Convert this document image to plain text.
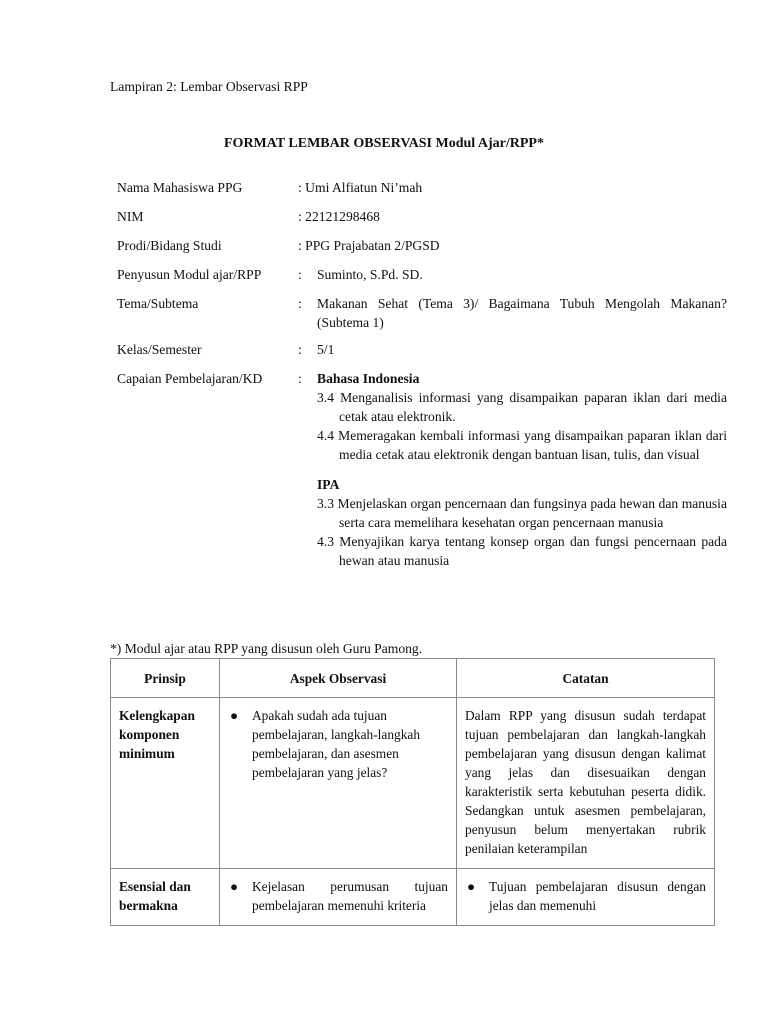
Lampiran 2: Lembar Observasi RPP
FORMAT LEMBAR OBSERVASI Modul Ajar/RPP*
Nama Mahasiswa PPG	: Umi Alfiatun Ni’mah
NIM	: 22121298468
Prodi/Bidang Studi	: PPG Prajabatan 2/PGSD
Penyusun Modul ajar/RPP	:	Suminto, S.Pd. SD.
Tema/Subtema	:	Makanan Sehat (Tema 3)/ Bagaimana Tubuh Mengolah Makanan? (Subtema 1)
Kelas/Semester	:	5/1
Capaian Pembelajaran/KD	:	Bahasa Indonesia
3.4 Menganalisis informasi yang disampaikan paparan iklan dari media cetak atau elektronik.
4.4 Memeragakan kembali informasi yang disampaikan paparan iklan dari media cetak atau elektronik dengan bantuan lisan, tulis, dan visual
IPA
3.3 Menjelaskan organ pencernaan dan fungsinya pada hewan dan manusia serta cara memelihara kesehatan organ pencernaan manusia
4.3 Menyajikan karya tentang konsep organ dan fungsi pencernaan pada hewan atau manusia
*) Modul ajar atau RPP yang disusun oleh Guru Pamong.
Prinsip	Aspek Observasi	Catatan
Kelengkapan komponen minimum	● Apakah sudah ada tujuan pembelajaran, langkah-langkah pembelajaran, dan asesmen pembelajaran yang jelas?	Dalam RPP yang disusun sudah terdapat tujuan pembelajaran dan langkah-langkah pembelajaran yang disusun dengan kalimat yang jelas dan disesuaikan dengan karakteristik serta kebutuhan peserta didik. Sedangkan untuk asesmen pembelajaran, penyusun belum menyertakan rubrik penilaian keterampilan
Esensial dan bermakna	● Kejelasan perumusan tujuan pembelajaran memenuhi kriteria	● Tujuan pembelajaran disusun dengan jelas dan memenuhi
